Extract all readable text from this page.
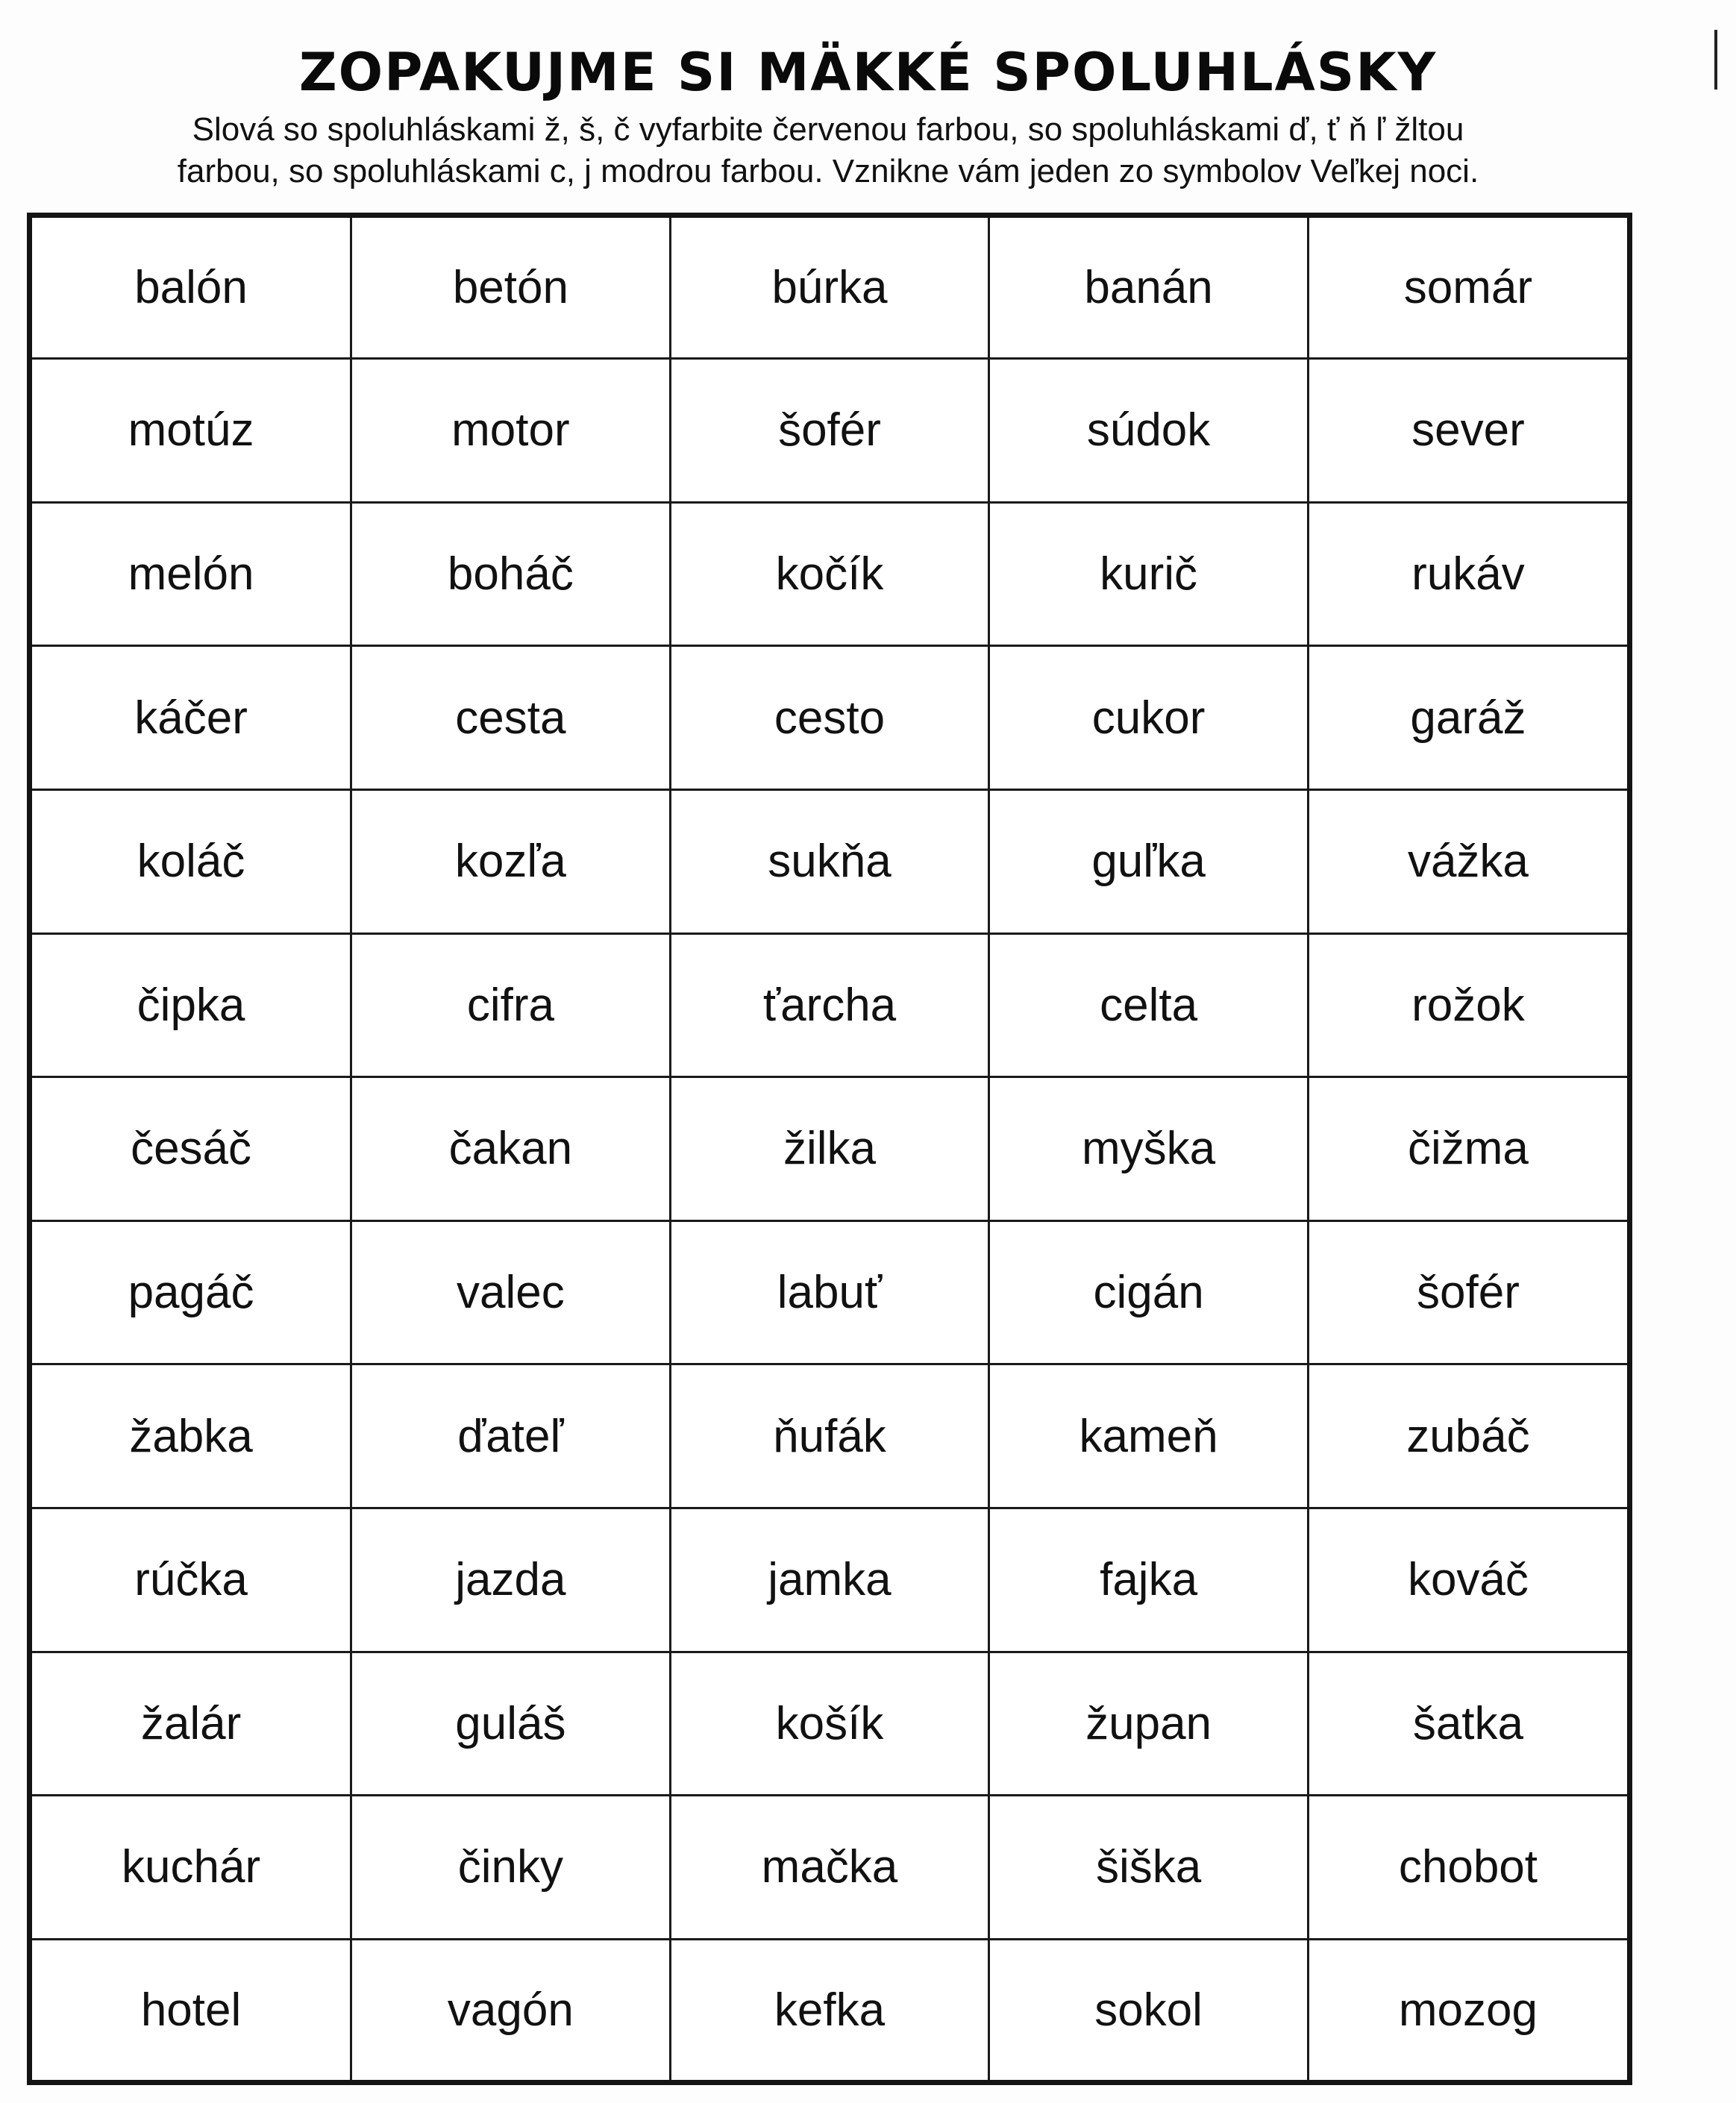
ZOPAKUJME SI MÄKKÉ SPOLUHLÁSKY
Slová so spoluhláskami ž, š, č vyfarbite červenou farbou, so spoluhláskami ď, ť ň ľ žltou
farbou, so spoluhláskami c, j modrou farbou. Vznikne vám jeden zo symbolov Veľkej noci.
balón	betón	búrka	banán	somár
motúz	motor	šofér	súdok	sever
melón	boháč	kočík	kurič	rukáv
káčer	cesta	cesto	cukor	garáž
koláč	kozľa	sukňa	guľka	vážka
čipka	cifra	ťarcha	celta	rožok
česáč	čakan	žilka	myška	čižma
pagáč	valec	labuť	cigán	šofér
žabka	ďateľ	ňufák	kameň	zubáč
rúčka	jazda	jamka	fajka	kováč
žalár	guláš	košík	župan	šatka
kuchár	činky	mačka	šiška	chobot
hotel	vagón	kefka	sokol	mozog
